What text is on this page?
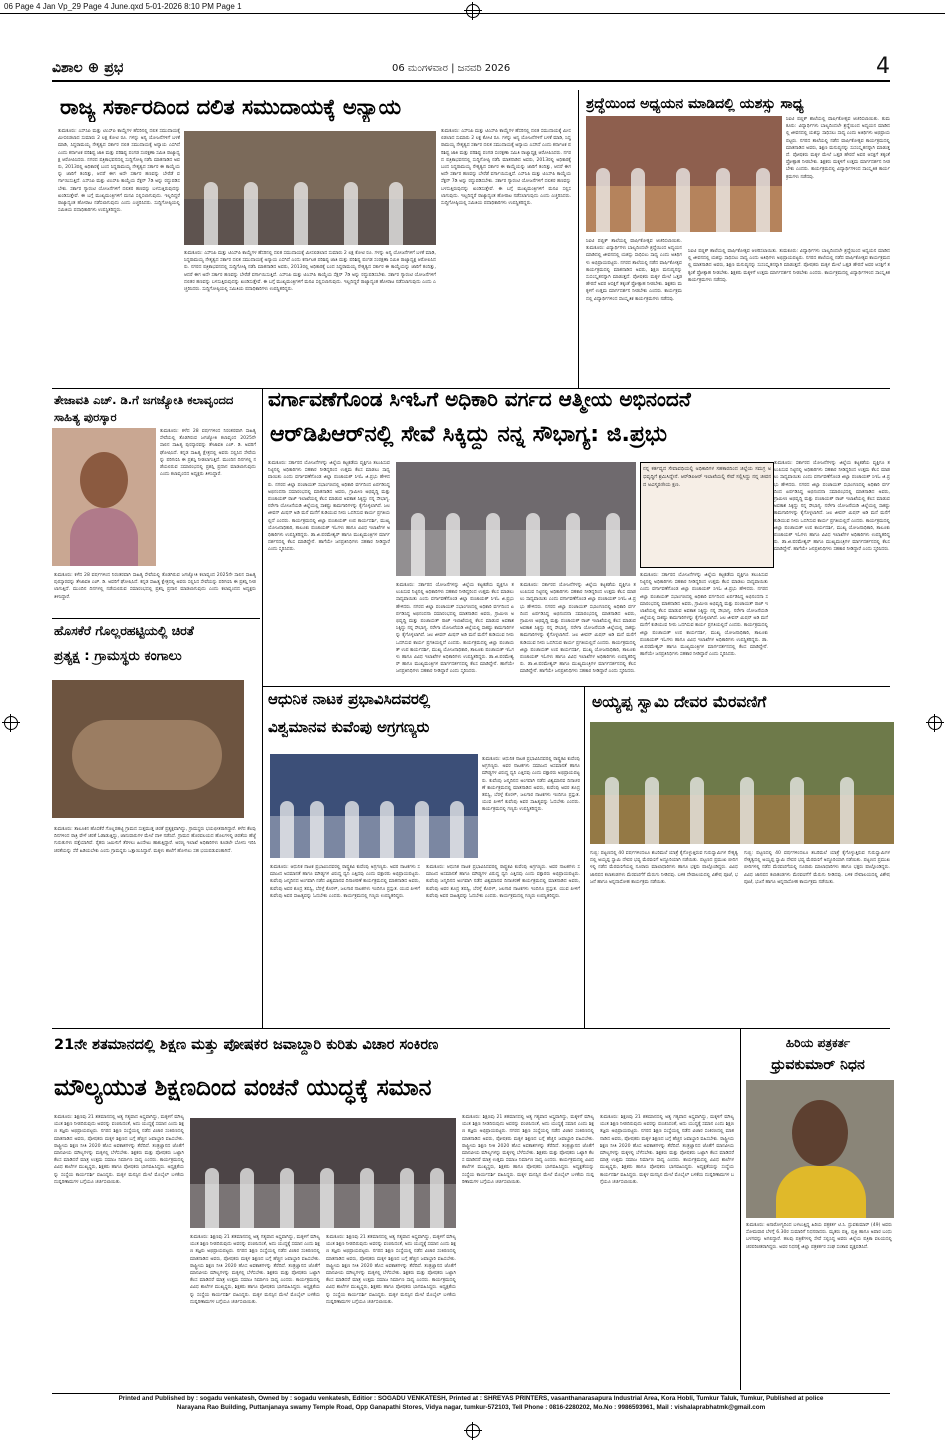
06 Page 4 Jan Vp_29 Page 4 June.qxd 5-01-2026 8:10 PM Page 1
ವಿಶಾಲ ⊕ ಪ್ರಭ	06 ಮಂಗಳವಾರ | ಜನವರಿ 2026	4
ರಾಜ್ಯ ಸರ್ಕಾರದಿಂದ ದಲಿತ ಸಮುದಾಯಕ್ಕೆ ಅನ್ಯಾಯ
ತುಮಕೂರು: ಎಸ್‌ಸಿಪಿ ಮತ್ತು ಟಿಎಸ್‌ಪಿ ಕಾಯ್ದೆಗಳ ಹೆಸರಿನಲ್ಲಿ ದಲಿತ ಸಮುದಾಯಕ್ಕೆ ಮೀಸಲಿಡಲಾದ ಸುಮಾರು 2 ಲಕ್ಷ ಕೋಟಿ ರೂ. ಗಳನ್ನು ಅನ್ಯ ಯೋಜನೆಗಳಿಗೆ ಬಳಕೆ ಮಾಡಿ, ಸಿದ್ದರಾಮಯ್ಯ ನೇತೃತ್ವದ ಸರ್ಕಾರ ದಲಿತ ಸಮುದಾಯಕ್ಕೆ ಅನ್ಯಾಯ ಎಸಗಿದೆ ಎಂದು ಕರ್ನಾಟಕ ಪರಿಶಿಷ್ಟ ಜಾತಿ ಮತ್ತು ಪರಿಶಿಷ್ಟ ಪಂಗಡ ಸಂರಕ್ಷಣಾ ಸಮಿತಿ ರಾಜ್ಯಾಧ್ಯಕ್ಷ ಆರೋಪಿಸಿದರು. ನಗರದ ಪತ್ರಿಕಾಭವನದಲ್ಲಿ ಸುದ್ದಿಗೋಷ್ಠಿ ನಡೆಸಿ ಮಾತನಾಡಿದ ಅವರು, 2013ರಲ್ಲಿ ಅಧಿಕಾರಕ್ಕೆ ಬಂದ ಸಿದ್ದರಾಮಯ್ಯ ನೇತೃತ್ವದ ಸರ್ಕಾರ ಈ ಕಾಯ್ದೆಯನ್ನು ಜಾರಿಗೆ ತಂದಿತ್ತು, ಆದರೆ ಈಗ ಅದೇ ಸರ್ಕಾರ ಹಣವನ್ನು ಬೇರೆಡೆ ವರ್ಗಾಯಿಸುತ್ತಿದೆ. ಎಸ್‌ಸಿಪಿ ಮತ್ತು ಟಿಎಸ್‌ಪಿ ಕಾಯ್ದೆಯ ಸೆಕ್ಷನ್ 7ಡಿ ಅನ್ನು ರದ್ದುಪಡಿಸಬೇಕು. ಸರ್ಕಾರ ಗ್ಯಾರಂಟಿ ಯೋಜನೆಗಳಿಗೆ ದಲಿತರ ಹಣವನ್ನು ಬಳಸುತ್ತಿರುವುದನ್ನು ಖಂಡಿಸುತ್ತೇವೆ. ಈ ಬಗ್ಗೆ ಮುಖ್ಯಮಂತ್ರಿಗಳಿಗೆ ಮನವಿ ಸಲ್ಲಿಸಲಾಗುವುದು. ಇಲ್ಲದಿದ್ದರೆ ರಾಜ್ಯಾದ್ಯಂತ ಹೋರಾಟ ನಡೆಸಲಾಗುವುದು ಎಂದು ಎಚ್ಚರಿಸಿದರು. ಸುದ್ದಿಗೋಷ್ಠಿಯಲ್ಲಿ ಸಮಿತಿಯ ಪದಾಧಿಕಾರಿಗಳು ಉಪಸ್ಥಿತರಿದ್ದರು.
ತುಮಕೂರು: ಎಸ್‌ಸಿಪಿ ಮತ್ತು ಟಿಎಸ್‌ಪಿ ಕಾಯ್ದೆಗಳ ಹೆಸರಿನಲ್ಲಿ ದಲಿತ ಸಮುದಾಯಕ್ಕೆ ಮೀಸಲಿಡಲಾದ ಸುಮಾರು 2 ಲಕ್ಷ ಕೋಟಿ ರೂ. ಗಳನ್ನು ಅನ್ಯ ಯೋಜನೆಗಳಿಗೆ ಬಳಕೆ ಮಾಡಿ, ಸಿದ್ದರಾಮಯ್ಯ ನೇತೃತ್ವದ ಸರ್ಕಾರ ದಲಿತ ಸಮುದಾಯಕ್ಕೆ ಅನ್ಯಾಯ ಎಸಗಿದೆ ಎಂದು ಕರ್ನಾಟಕ ಪರಿಶಿಷ್ಟ ಜಾತಿ ಮತ್ತು ಪರಿಶಿಷ್ಟ ಪಂಗಡ ಸಂರಕ್ಷಣಾ ಸಮಿತಿ ರಾಜ್ಯಾಧ್ಯಕ್ಷ ಆರೋಪಿಸಿದರು. ನಗರದ ಪತ್ರಿಕಾಭವನದಲ್ಲಿ ಸುದ್ದಿಗೋಷ್ಠಿ ನಡೆಸಿ ಮಾತನಾಡಿದ ಅವರು, 2013ರಲ್ಲಿ ಅಧಿಕಾರಕ್ಕೆ ಬಂದ ಸಿದ್ದರಾಮಯ್ಯ ನೇತೃತ್ವದ ಸರ್ಕಾರ ಈ ಕಾಯ್ದೆಯನ್ನು ಜಾರಿಗೆ ತಂದಿತ್ತು, ಆದರೆ ಈಗ ಅದೇ ಸರ್ಕಾರ ಹಣವನ್ನು ಬೇರೆಡೆ ವರ್ಗಾಯಿಸುತ್ತಿದೆ. ಎಸ್‌ಸಿಪಿ ಮತ್ತು ಟಿಎಸ್‌ಪಿ ಕಾಯ್ದೆಯ ಸೆಕ್ಷನ್ 7ಡಿ ಅನ್ನು ರದ್ದುಪಡಿಸಬೇಕು. ಸರ್ಕಾರ ಗ್ಯಾರಂಟಿ ಯೋಜನೆಗಳಿಗೆ ದಲಿತರ ಹಣವನ್ನು ಬಳಸುತ್ತಿರುವುದನ್ನು ಖಂಡಿಸುತ್ತೇವೆ. ಈ ಬಗ್ಗೆ ಮುಖ್ಯಮಂತ್ರಿಗಳಿಗೆ ಮನವಿ ಸಲ್ಲಿಸಲಾಗುವುದು. ಇಲ್ಲದಿದ್ದರೆ ರಾಜ್ಯಾದ್ಯಂತ ಹೋರಾಟ ನಡೆಸಲಾಗುವುದು ಎಂದು ಎಚ್ಚರಿಸಿದರು. ಸುದ್ದಿಗೋಷ್ಠಿಯಲ್ಲಿ ಸಮಿತಿಯ ಪದಾಧಿಕಾರಿಗಳು ಉಪಸ್ಥಿತರಿದ್ದರು.
ತುಮಕೂರು: ಎಸ್‌ಸಿಪಿ ಮತ್ತು ಟಿಎಸ್‌ಪಿ ಕಾಯ್ದೆಗಳ ಹೆಸರಿನಲ್ಲಿ ದಲಿತ ಸಮುದಾಯಕ್ಕೆ ಮೀಸಲಿಡಲಾದ ಸುಮಾರು 2 ಲಕ್ಷ ಕೋಟಿ ರೂ. ಗಳನ್ನು ಅನ್ಯ ಯೋಜನೆಗಳಿಗೆ ಬಳಕೆ ಮಾಡಿ, ಸಿದ್ದರಾಮಯ್ಯ ನೇತೃತ್ವದ ಸರ್ಕಾರ ದಲಿತ ಸಮುದಾಯಕ್ಕೆ ಅನ್ಯಾಯ ಎಸಗಿದೆ ಎಂದು ಕರ್ನಾಟಕ ಪರಿಶಿಷ್ಟ ಜಾತಿ ಮತ್ತು ಪರಿಶಿಷ್ಟ ಪಂಗಡ ಸಂರಕ್ಷಣಾ ಸಮಿತಿ ರಾಜ್ಯಾಧ್ಯಕ್ಷ ಆರೋಪಿಸಿದರು. ನಗರದ ಪತ್ರಿಕಾಭವನದಲ್ಲಿ ಸುದ್ದಿಗೋಷ್ಠಿ ನಡೆಸಿ ಮಾತನಾಡಿದ ಅವರು, 2013ರಲ್ಲಿ ಅಧಿಕಾರಕ್ಕೆ ಬಂದ ಸಿದ್ದರಾಮಯ್ಯ ನೇತೃತ್ವದ ಸರ್ಕಾರ ಈ ಕಾಯ್ದೆಯನ್ನು ಜಾರಿಗೆ ತಂದಿತ್ತು, ಆದರೆ ಈಗ ಅದೇ ಸರ್ಕಾರ ಹಣವನ್ನು ಬೇರೆಡೆ ವರ್ಗಾಯಿಸುತ್ತಿದೆ. ಎಸ್‌ಸಿಪಿ ಮತ್ತು ಟಿಎಸ್‌ಪಿ ಕಾಯ್ದೆಯ ಸೆಕ್ಷನ್ 7ಡಿ ಅನ್ನು ರದ್ದುಪಡಿಸಬೇಕು. ಸರ್ಕಾರ ಗ್ಯಾರಂಟಿ ಯೋಜನೆಗಳಿಗೆ ದಲಿತರ ಹಣವನ್ನು ಬಳಸುತ್ತಿರುವುದನ್ನು ಖಂಡಿಸುತ್ತೇವೆ. ಈ ಬಗ್ಗೆ ಮುಖ್ಯಮಂತ್ರಿಗಳಿಗೆ ಮನವಿ ಸಲ್ಲಿಸಲಾಗುವುದು. ಇಲ್ಲದಿದ್ದರೆ ರಾಜ್ಯಾದ್ಯಂತ ಹೋರಾಟ ನಡೆಸಲಾಗುವುದು ಎಂದು ಎಚ್ಚರಿಸಿದರು. ಸುದ್ದಿಗೋಷ್ಠಿಯಲ್ಲಿ ಸಮಿತಿಯ ಪದಾಧಿಕಾರಿಗಳು ಉಪಸ್ಥಿತರಿದ್ದರು.
ಶ್ರದ್ಧೆಯಿಂದ ಅಧ್ಯಯನ ಮಾಡಿದಲ್ಲಿ ಯಶಸ್ಸು ಸಾಧ್ಯ
ಸಿಐಟಿ ಪಬ್ಲಿಕ್ ಶಾಲೆಯಲ್ಲಿ ವಾರ್ಷಿಕೋತ್ಸವ ಆಚರಿಸಲಾಯಿತು. ತುಮಕೂರು: ವಿದ್ಯಾರ್ಥಿಗಳು ಬಾಲ್ಯದಿಂದಲೇ ಶ್ರದ್ಧೆಯಿಂದ ಅಧ್ಯಯನ ಮಾಡಿದಲ್ಲಿ ಜೀವನದಲ್ಲಿ ಯಶಸ್ಸು ಸಾಧಿಸಲು ಸಾಧ್ಯ ಎಂದು ಅತಿಥಿಗಳು ಅಭಿಪ್ರಾಯಪಟ್ಟರು. ನಗರದ ಶಾಲೆಯಲ್ಲಿ ನಡೆದ ವಾರ್ಷಿಕೋತ್ಸವ ಕಾರ್ಯಕ್ರಮದಲ್ಲಿ ಮಾತನಾಡಿದ ಅವರು, ಶಿಕ್ಷಣ ಮನುಷ್ಯನನ್ನು ಸುಸಂಸ್ಕೃತನನ್ನಾಗಿ ಮಾಡುತ್ತದೆ. ಪೋಷಕರು ಮಕ್ಕಳ ಮೇಲೆ ಒತ್ತಡ ಹೇರದೆ ಅವರ ಆಸಕ್ತಿಗೆ ತಕ್ಕಂತೆ ಪ್ರೋತ್ಸಾಹ ನೀಡಬೇಕು. ಶಿಕ್ಷಕರು ಮಕ್ಕಳಿಗೆ ಉತ್ತಮ ಮಾರ್ಗದರ್ಶನ ನೀಡಬೇಕು ಎಂದರು. ಕಾರ್ಯಕ್ರಮದಲ್ಲಿ ವಿದ್ಯಾರ್ಥಿಗಳಿಂದ ಸಾಂಸ್ಕೃತಿಕ ಕಾರ್ಯಕ್ರಮಗಳು ನಡೆದವು.
ಸಿಐಟಿ ಪಬ್ಲಿಕ್ ಶಾಲೆಯಲ್ಲಿ ವಾರ್ಷಿಕೋತ್ಸವ ಆಚರಿಸಲಾಯಿತು. ತುಮಕೂರು: ವಿದ್ಯಾರ್ಥಿಗಳು ಬಾಲ್ಯದಿಂದಲೇ ಶ್ರದ್ಧೆಯಿಂದ ಅಧ್ಯಯನ ಮಾಡಿದಲ್ಲಿ ಜೀವನದಲ್ಲಿ ಯಶಸ್ಸು ಸಾಧಿಸಲು ಸಾಧ್ಯ ಎಂದು ಅತಿಥಿಗಳು ಅಭಿಪ್ರಾಯಪಟ್ಟರು. ನಗರದ ಶಾಲೆಯಲ್ಲಿ ನಡೆದ ವಾರ್ಷಿಕೋತ್ಸವ ಕಾರ್ಯಕ್ರಮದಲ್ಲಿ ಮಾತನಾಡಿದ ಅವರು, ಶಿಕ್ಷಣ ಮನುಷ್ಯನನ್ನು ಸುಸಂಸ್ಕೃತನನ್ನಾಗಿ ಮಾಡುತ್ತದೆ. ಪೋಷಕರು ಮಕ್ಕಳ ಮೇಲೆ ಒತ್ತಡ ಹೇರದೆ ಅವರ ಆಸಕ್ತಿಗೆ ತಕ್ಕಂತೆ ಪ್ರೋತ್ಸಾಹ ನೀಡಬೇಕು. ಶಿಕ್ಷಕರು ಮಕ್ಕಳಿಗೆ ಉತ್ತಮ ಮಾರ್ಗದರ್ಶನ ನೀಡಬೇಕು ಎಂದರು. ಕಾರ್ಯಕ್ರಮದಲ್ಲಿ ವಿದ್ಯಾರ್ಥಿಗಳಿಂದ ಸಾಂಸ್ಕೃತಿಕ ಕಾರ್ಯಕ್ರಮಗಳು ನಡೆದವು.
ಸಿಐಟಿ ಪಬ್ಲಿಕ್ ಶಾಲೆಯಲ್ಲಿ ವಾರ್ಷಿಕೋತ್ಸವ ಆಚರಿಸಲಾಯಿತು. ತುಮಕೂರು: ವಿದ್ಯಾರ್ಥಿಗಳು ಬಾಲ್ಯದಿಂದಲೇ ಶ್ರದ್ಧೆಯಿಂದ ಅಧ್ಯಯನ ಮಾಡಿದಲ್ಲಿ ಜೀವನದಲ್ಲಿ ಯಶಸ್ಸು ಸಾಧಿಸಲು ಸಾಧ್ಯ ಎಂದು ಅತಿಥಿಗಳು ಅಭಿಪ್ರಾಯಪಟ್ಟರು. ನಗರದ ಶಾಲೆಯಲ್ಲಿ ನಡೆದ ವಾರ್ಷಿಕೋತ್ಸವ ಕಾರ್ಯಕ್ರಮದಲ್ಲಿ ಮಾತನಾಡಿದ ಅವರು, ಶಿಕ್ಷಣ ಮನುಷ್ಯನನ್ನು ಸುಸಂಸ್ಕೃತನನ್ನಾಗಿ ಮಾಡುತ್ತದೆ. ಪೋಷಕರು ಮಕ್ಕಳ ಮೇಲೆ ಒತ್ತಡ ಹೇರದೆ ಅವರ ಆಸಕ್ತಿಗೆ ತಕ್ಕಂತೆ ಪ್ರೋತ್ಸಾಹ ನೀಡಬೇಕು. ಶಿಕ್ಷಕರು ಮಕ್ಕಳಿಗೆ ಉತ್ತಮ ಮಾರ್ಗದರ್ಶನ ನೀಡಬೇಕು ಎಂದರು. ಕಾರ್ಯಕ್ರಮದಲ್ಲಿ ವಿದ್ಯಾರ್ಥಿಗಳಿಂದ ಸಾಂಸ್ಕೃತಿಕ ಕಾರ್ಯಕ್ರಮಗಳು ನಡೆದವು.
ತೇಜಾವತಿ ಎಚ್. ಡಿ.ಗೆ ಜಗಜ್ಯೋತಿ ಕಲಾವೃಂದದ ಸಾಹಿತ್ಯ ಪುರಸ್ಕಾರ
ತುಮಕೂರು: ಕಳೆದ 28 ವರ್ಷಗಳಿಂದ ನಿರಂತರವಾಗಿ ಸಾಹಿತ್ಯ ಸೇವೆಯಲ್ಲಿ ತೊಡಗಿರುವ ಜಗಜ್ಯೋತಿ ಕಲಾವೃಂದ 2025ನೇ ಸಾಲಿನ ಸಾಹಿತ್ಯ ಪುರಸ್ಕಾರವನ್ನು ತೇಜಾವತಿ ಎಚ್. ಡಿ. ಅವರಿಗೆ ಘೋಷಿಸಿದೆ. ಕನ್ನಡ ಸಾಹಿತ್ಯ ಕ್ಷೇತ್ರದಲ್ಲಿ ಅವರು ಸಲ್ಲಿಸಿದ ಸೇವೆಯನ್ನು ಪರಿಗಣಿಸಿ ಈ ಪ್ರಶಸ್ತಿ ನೀಡಲಾಗುತ್ತಿದೆ. ಮುಂದಿನ ದಿನಗಳಲ್ಲಿ ನಡೆಯಲಿರುವ ಸಮಾರಂಭದಲ್ಲಿ ಪ್ರಶಸ್ತಿ ಪ್ರದಾನ ಮಾಡಲಾಗುವುದು ಎಂದು ಕಲಾವೃಂದದ ಅಧ್ಯಕ್ಷರು ತಿಳಿಸಿದ್ದಾರೆ.
ತುಮಕೂರು: ಕಳೆದ 28 ವರ್ಷಗಳಿಂದ ನಿರಂತರವಾಗಿ ಸಾಹಿತ್ಯ ಸೇವೆಯಲ್ಲಿ ತೊಡಗಿರುವ ಜಗಜ್ಯೋತಿ ಕಲಾವೃಂದ 2025ನೇ ಸಾಲಿನ ಸಾಹಿತ್ಯ ಪುರಸ್ಕಾರವನ್ನು ತೇಜಾವತಿ ಎಚ್. ಡಿ. ಅವರಿಗೆ ಘೋಷಿಸಿದೆ. ಕನ್ನಡ ಸಾಹಿತ್ಯ ಕ್ಷೇತ್ರದಲ್ಲಿ ಅವರು ಸಲ್ಲಿಸಿದ ಸೇವೆಯನ್ನು ಪರಿಗಣಿಸಿ ಈ ಪ್ರಶಸ್ತಿ ನೀಡಲಾಗುತ್ತಿದೆ. ಮುಂದಿನ ದಿನಗಳಲ್ಲಿ ನಡೆಯಲಿರುವ ಸಮಾರಂಭದಲ್ಲಿ ಪ್ರಶಸ್ತಿ ಪ್ರದಾನ ಮಾಡಲಾಗುವುದು ಎಂದು ಕಲಾವೃಂದದ ಅಧ್ಯಕ್ಷರು ತಿಳಿಸಿದ್ದಾರೆ.
ಹೊಸಕೆರೆ ಗೊಲ್ಲರಹಟ್ಟಿಯಲ್ಲಿ ಚಿರತೆ
ಪ್ರತ್ಯಕ್ಷ : ಗ್ರಾಮಸ್ಥರು ಕಂಗಾಲು
ತುಮಕೂರು: ತಾಲೂಕಿನ ಹೊಸಕೆರೆ ಗೊಲ್ಲರಹಟ್ಟಿ ಗ್ರಾಮದ ಸುತ್ತಮುತ್ತ ಚಿರತೆ ಪ್ರತ್ಯಕ್ಷವಾಗಿದ್ದು, ಗ್ರಾಮಸ್ಥರು ಭಯಭೀತರಾಗಿದ್ದಾರೆ. ಕಳೆದ ಕೆಲವು ದಿನಗಳಿಂದ ರಾತ್ರಿ ವೇಳೆ ಚಿರತೆ ಓಡಾಡುತ್ತಿದ್ದು, ಜಾನುವಾರುಗಳ ಮೇಲೆ ದಾಳಿ ನಡೆಸಿದೆ. ಗ್ರಾಮದ ಹೊರವಲಯದ ಹೊಲಗಳಲ್ಲಿ ಚಿರತೆಯ ಹೆಜ್ಜೆ ಗುರುತುಗಳು ಪತ್ತೆಯಾಗಿವೆ. ರೈತರು ಜಮೀನಿಗೆ ತೆರಳಲು ಹಿಂದೇಟು ಹಾಕುತ್ತಿದ್ದಾರೆ. ಅರಣ್ಯ ಇಲಾಖೆ ಅಧಿಕಾರಿಗಳು ಕೂಡಲೇ ಬೋನು ಇರಿಸಿ ಚಿರತೆಯನ್ನು ಸೆರೆ ಹಿಡಿಯಬೇಕು ಎಂದು ಗ್ರಾಮಸ್ಥರು ಒತ್ತಾಯಿಸಿದ್ದಾರೆ. ಮಕ್ಕಳು ಶಾಲೆಗೆ ಹೋಗಲು ಸಹ ಭಯಪಡುವಂತಾಗಿದೆ.
ವರ್ಗಾವಣೆಗೊಂಡ ಸಿಇಓಗೆ ಅಧಿಕಾರಿ ವರ್ಗದ ಆತ್ಮೀಯ ಅಭಿನಂದನೆ
ಆರ್‌ಡಿಪಿಆರ್‌ನಲ್ಲಿ ಸೇವೆ ಸಿಕ್ಕಿದ್ದು ನನ್ನ ಸೌಭಾಗ್ಯ: ಜಿ.ಪ್ರಭು
ತುಮಕೂರು: ಸರ್ಕಾರದ ಯೋಜನೆಗಳನ್ನು ಜಿಲ್ಲೆಯ ಕಟ್ಟಕಡೆಯ ವ್ಯಕ್ತಿಗೂ ತಲುಪಿಸುವ ನಿಟ್ಟಿನಲ್ಲಿ ಅಧಿಕಾರಿಗಳು ಸಹಕಾರ ನೀಡಿದ್ದರಿಂದ ಉತ್ತಮ ಕೆಲಸ ಮಾಡಲು ಸಾಧ್ಯವಾಯಿತು ಎಂದು ವರ್ಗಾವಣೆಗೊಂಡ ಜಿಲ್ಲಾ ಪಂಚಾಯತ್ ಸಿಇಓ ಜಿ.ಪ್ರಭು ಹೇಳಿದರು. ನಗರದ ಜಿಲ್ಲಾ ಪಂಚಾಯತ್ ಸಭಾಂಗಣದಲ್ಲಿ ಅಧಿಕಾರಿ ವರ್ಗದಿಂದ ಏರ್ಪಡಿಸಿದ್ದ ಅಭಿನಂದನಾ ಸಮಾರಂಭದಲ್ಲಿ ಮಾತನಾಡಿದ ಅವರು, ಗ್ರಾಮೀಣ ಅಭಿವೃದ್ಧಿ ಮತ್ತು ಪಂಚಾಯತ್ ರಾಜ್ ಇಲಾಖೆಯಲ್ಲಿ ಕೆಲಸ ಮಾಡುವ ಅವಕಾಶ ಸಿಕ್ಕಿದ್ದು ನನ್ನ ಸೌಭಾಗ್ಯ. ನರೇಗಾ ಯೋಜನೆಯಡಿ ಜಿಲ್ಲೆಯಲ್ಲಿ ಸಾಕಷ್ಟು ಕಾಮಗಾರಿಗಳನ್ನು ಕೈಗೊಳ್ಳಲಾಗಿದೆ. ಜಲ ಜೀವನ್ ಮಿಷನ್ ಅಡಿ ಮನೆ ಮನೆಗೆ ಕುಡಿಯುವ ನೀರು ಒದಗಿಸುವ ಕಾರ್ಯ ಪ್ರಗತಿಯಲ್ಲಿದೆ ಎಂದರು. ಕಾರ್ಯಕ್ರಮದಲ್ಲಿ ಜಿಲ್ಲಾ ಪಂಚಾಯತ್ ಉಪ ಕಾರ್ಯದರ್ಶಿ, ಮುಖ್ಯ ಯೋಜನಾಧಿಕಾರಿ, ತಾಲೂಕು ಪಂಚಾಯತ್ ಇಓಗಳು ಹಾಗೂ ವಿವಿಧ ಇಲಾಖೆಗಳ ಅಧಿಕಾರಿಗಳು ಉಪಸ್ಥಿತರಿದ್ದರು. ಡಾ.ಜಿ.ಪರಮೇಶ್ವರ್ ಹಾಗೂ ಮುಖ್ಯಮಂತ್ರಿಗಳ ಮಾರ್ಗದರ್ಶನದಲ್ಲಿ ಕೆಲಸ ಮಾಡಿದ್ದೇನೆ. ಹಾಗೆಯೇ ಜನಪ್ರತಿನಿಧಿಗಳು ಸಹಕಾರ ನೀಡಿದ್ದಾರೆ ಎಂದು ಸ್ಮರಿಸಿದರು.
ನನ್ನ ಕರ್ತವ್ಯದ ಸೇವಾವಧಿಯಲ್ಲಿ ಅಧಿಕಾರಿಗಳ ಸಹಕಾರದಿಂದ ಜಿಲ್ಲೆಯ ಸಮಗ್ರ ಅಭಿವೃದ್ಧಿಗೆ ಶ್ರಮಿಸಿದ್ದೇನೆ. ಆರ್‌ಡಿಪಿಆರ್ ಇಲಾಖೆಯಲ್ಲಿ ಸೇವೆ ಸಲ್ಲಿಸಿದ್ದು ನನ್ನ ಜೀವನದ ಅವಿಸ್ಮರಣೀಯ ಕ್ಷಣ.
ತುಮಕೂರು: ಸರ್ಕಾರದ ಯೋಜನೆಗಳನ್ನು ಜಿಲ್ಲೆಯ ಕಟ್ಟಕಡೆಯ ವ್ಯಕ್ತಿಗೂ ತಲುಪಿಸುವ ನಿಟ್ಟಿನಲ್ಲಿ ಅಧಿಕಾರಿಗಳು ಸಹಕಾರ ನೀಡಿದ್ದರಿಂದ ಉತ್ತಮ ಕೆಲಸ ಮಾಡಲು ಸಾಧ್ಯವಾಯಿತು ಎಂದು ವರ್ಗಾವಣೆಗೊಂಡ ಜಿಲ್ಲಾ ಪಂಚಾಯತ್ ಸಿಇಓ ಜಿ.ಪ್ರಭು ಹೇಳಿದರು. ನಗರದ ಜಿಲ್ಲಾ ಪಂಚಾಯತ್ ಸಭಾಂಗಣದಲ್ಲಿ ಅಧಿಕಾರಿ ವರ್ಗದಿಂದ ಏರ್ಪಡಿಸಿದ್ದ ಅಭಿನಂದನಾ ಸಮಾರಂಭದಲ್ಲಿ ಮಾತನಾಡಿದ ಅವರು, ಗ್ರಾಮೀಣ ಅಭಿವೃದ್ಧಿ ಮತ್ತು ಪಂಚಾಯತ್ ರಾಜ್ ಇಲಾಖೆಯಲ್ಲಿ ಕೆಲಸ ಮಾಡುವ ಅವಕಾಶ ಸಿಕ್ಕಿದ್ದು ನನ್ನ ಸೌಭಾಗ್ಯ. ನರೇಗಾ ಯೋಜನೆಯಡಿ ಜಿಲ್ಲೆಯಲ್ಲಿ ಸಾಕಷ್ಟು ಕಾಮಗಾರಿಗಳನ್ನು ಕೈಗೊಳ್ಳಲಾಗಿದೆ. ಜಲ ಜೀವನ್ ಮಿಷನ್ ಅಡಿ ಮನೆ ಮನೆಗೆ ಕುಡಿಯುವ ನೀರು ಒದಗಿಸುವ ಕಾರ್ಯ ಪ್ರಗತಿಯಲ್ಲಿದೆ ಎಂದರು. ಕಾರ್ಯಕ್ರಮದಲ್ಲಿ ಜಿಲ್ಲಾ ಪಂಚಾಯತ್ ಉಪ ಕಾರ್ಯದರ್ಶಿ, ಮುಖ್ಯ ಯೋಜನಾಧಿಕಾರಿ, ತಾಲೂಕು ಪಂಚಾಯತ್ ಇಓಗಳು ಹಾಗೂ ವಿವಿಧ ಇಲಾಖೆಗಳ ಅಧಿಕಾರಿಗಳು ಉಪಸ್ಥಿತರಿದ್ದರು. ಡಾ.ಜಿ.ಪರಮೇಶ್ವರ್ ಹಾಗೂ ಮುಖ್ಯಮಂತ್ರಿಗಳ ಮಾರ್ಗದರ್ಶನದಲ್ಲಿ ಕೆಲಸ ಮಾಡಿದ್ದೇನೆ. ಹಾಗೆಯೇ ಜನಪ್ರತಿನಿಧಿಗಳು ಸಹಕಾರ ನೀಡಿದ್ದಾರೆ ಎಂದು ಸ್ಮರಿಸಿದರು.
ತುಮಕೂರು: ಸರ್ಕಾರದ ಯೋಜನೆಗಳನ್ನು ಜಿಲ್ಲೆಯ ಕಟ್ಟಕಡೆಯ ವ್ಯಕ್ತಿಗೂ ತಲುಪಿಸುವ ನಿಟ್ಟಿನಲ್ಲಿ ಅಧಿಕಾರಿಗಳು ಸಹಕಾರ ನೀಡಿದ್ದರಿಂದ ಉತ್ತಮ ಕೆಲಸ ಮಾಡಲು ಸಾಧ್ಯವಾಯಿತು ಎಂದು ವರ್ಗಾವಣೆಗೊಂಡ ಜಿಲ್ಲಾ ಪಂಚಾಯತ್ ಸಿಇಓ ಜಿ.ಪ್ರಭು ಹೇಳಿದರು. ನಗರದ ಜಿಲ್ಲಾ ಪಂಚಾಯತ್ ಸಭಾಂಗಣದಲ್ಲಿ ಅಧಿಕಾರಿ ವರ್ಗದಿಂದ ಏರ್ಪಡಿಸಿದ್ದ ಅಭಿನಂದನಾ ಸಮಾರಂಭದಲ್ಲಿ ಮಾತನಾಡಿದ ಅವರು, ಗ್ರಾಮೀಣ ಅಭಿವೃದ್ಧಿ ಮತ್ತು ಪಂಚಾಯತ್ ರಾಜ್ ಇಲಾಖೆಯಲ್ಲಿ ಕೆಲಸ ಮಾಡುವ ಅವಕಾಶ ಸಿಕ್ಕಿದ್ದು ನನ್ನ ಸೌಭಾಗ್ಯ. ನರೇಗಾ ಯೋಜನೆಯಡಿ ಜಿಲ್ಲೆಯಲ್ಲಿ ಸಾಕಷ್ಟು ಕಾಮಗಾರಿಗಳನ್ನು ಕೈಗೊಳ್ಳಲಾಗಿದೆ. ಜಲ ಜೀವನ್ ಮಿಷನ್ ಅಡಿ ಮನೆ ಮನೆಗೆ ಕುಡಿಯುವ ನೀರು ಒದಗಿಸುವ ಕಾರ್ಯ ಪ್ರಗತಿಯಲ್ಲಿದೆ ಎಂದರು. ಕಾರ್ಯಕ್ರಮದಲ್ಲಿ ಜಿಲ್ಲಾ ಪಂಚಾಯತ್ ಉಪ ಕಾರ್ಯದರ್ಶಿ, ಮುಖ್ಯ ಯೋಜನಾಧಿಕಾರಿ, ತಾಲೂಕು ಪಂಚಾಯತ್ ಇಓಗಳು ಹಾಗೂ ವಿವಿಧ ಇಲಾಖೆಗಳ ಅಧಿಕಾರಿಗಳು ಉಪಸ್ಥಿತರಿದ್ದರು. ಡಾ.ಜಿ.ಪರಮೇಶ್ವರ್ ಹಾಗೂ ಮುಖ್ಯಮಂತ್ರಿಗಳ ಮಾರ್ಗದರ್ಶನದಲ್ಲಿ ಕೆಲಸ ಮಾಡಿದ್ದೇನೆ. ಹಾಗೆಯೇ ಜನಪ್ರತಿನಿಧಿಗಳು ಸಹಕಾರ ನೀಡಿದ್ದಾರೆ ಎಂದು ಸ್ಮರಿಸಿದರು.
ತುಮಕೂರು: ಸರ್ಕಾರದ ಯೋಜನೆಗಳನ್ನು ಜಿಲ್ಲೆಯ ಕಟ್ಟಕಡೆಯ ವ್ಯಕ್ತಿಗೂ ತಲುಪಿಸುವ ನಿಟ್ಟಿನಲ್ಲಿ ಅಧಿಕಾರಿಗಳು ಸಹಕಾರ ನೀಡಿದ್ದರಿಂದ ಉತ್ತಮ ಕೆಲಸ ಮಾಡಲು ಸಾಧ್ಯವಾಯಿತು ಎಂದು ವರ್ಗಾವಣೆಗೊಂಡ ಜಿಲ್ಲಾ ಪಂಚಾಯತ್ ಸಿಇಓ ಜಿ.ಪ್ರಭು ಹೇಳಿದರು. ನಗರದ ಜಿಲ್ಲಾ ಪಂಚಾಯತ್ ಸಭಾಂಗಣದಲ್ಲಿ ಅಧಿಕಾರಿ ವರ್ಗದಿಂದ ಏರ್ಪಡಿಸಿದ್ದ ಅಭಿನಂದನಾ ಸಮಾರಂಭದಲ್ಲಿ ಮಾತನಾಡಿದ ಅವರು, ಗ್ರಾಮೀಣ ಅಭಿವೃದ್ಧಿ ಮತ್ತು ಪಂಚಾಯತ್ ರಾಜ್ ಇಲಾಖೆಯಲ್ಲಿ ಕೆಲಸ ಮಾಡುವ ಅವಕಾಶ ಸಿಕ್ಕಿದ್ದು ನನ್ನ ಸೌಭಾಗ್ಯ. ನರೇಗಾ ಯೋಜನೆಯಡಿ ಜಿಲ್ಲೆಯಲ್ಲಿ ಸಾಕಷ್ಟು ಕಾಮಗಾರಿಗಳನ್ನು ಕೈಗೊಳ್ಳಲಾಗಿದೆ. ಜಲ ಜೀವನ್ ಮಿಷನ್ ಅಡಿ ಮನೆ ಮನೆಗೆ ಕುಡಿಯುವ ನೀರು ಒದಗಿಸುವ ಕಾರ್ಯ ಪ್ರಗತಿಯಲ್ಲಿದೆ ಎಂದರು. ಕಾರ್ಯಕ್ರಮದಲ್ಲಿ ಜಿಲ್ಲಾ ಪಂಚಾಯತ್ ಉಪ ಕಾರ್ಯದರ್ಶಿ, ಮುಖ್ಯ ಯೋಜನಾಧಿಕಾರಿ, ತಾಲೂಕು ಪಂಚಾಯತ್ ಇಓಗಳು ಹಾಗೂ ವಿವಿಧ ಇಲಾಖೆಗಳ ಅಧಿಕಾರಿಗಳು ಉಪಸ್ಥಿತರಿದ್ದರು. ಡಾ.ಜಿ.ಪರಮೇಶ್ವರ್ ಹಾಗೂ ಮುಖ್ಯಮಂತ್ರಿಗಳ ಮಾರ್ಗದರ್ಶನದಲ್ಲಿ ಕೆಲಸ ಮಾಡಿದ್ದೇನೆ. ಹಾಗೆಯೇ ಜನಪ್ರತಿನಿಧಿಗಳು ಸಹಕಾರ ನೀಡಿದ್ದಾರೆ ಎಂದು ಸ್ಮರಿಸಿದರು.
ತುಮಕೂರು: ಸರ್ಕಾರದ ಯೋಜನೆಗಳನ್ನು ಜಿಲ್ಲೆಯ ಕಟ್ಟಕಡೆಯ ವ್ಯಕ್ತಿಗೂ ತಲುಪಿಸುವ ನಿಟ್ಟಿನಲ್ಲಿ ಅಧಿಕಾರಿಗಳು ಸಹಕಾರ ನೀಡಿದ್ದರಿಂದ ಉತ್ತಮ ಕೆಲಸ ಮಾಡಲು ಸಾಧ್ಯವಾಯಿತು ಎಂದು ವರ್ಗಾವಣೆಗೊಂಡ ಜಿಲ್ಲಾ ಪಂಚಾಯತ್ ಸಿಇಓ ಜಿ.ಪ್ರಭು ಹೇಳಿದರು. ನಗರದ ಜಿಲ್ಲಾ ಪಂಚಾಯತ್ ಸಭಾಂಗಣದಲ್ಲಿ ಅಧಿಕಾರಿ ವರ್ಗದಿಂದ ಏರ್ಪಡಿಸಿದ್ದ ಅಭಿನಂದನಾ ಸಮಾರಂಭದಲ್ಲಿ ಮಾತನಾಡಿದ ಅವರು, ಗ್ರಾಮೀಣ ಅಭಿವೃದ್ಧಿ ಮತ್ತು ಪಂಚಾಯತ್ ರಾಜ್ ಇಲಾಖೆಯಲ್ಲಿ ಕೆಲಸ ಮಾಡುವ ಅವಕಾಶ ಸಿಕ್ಕಿದ್ದು ನನ್ನ ಸೌಭಾಗ್ಯ. ನರೇಗಾ ಯೋಜನೆಯಡಿ ಜಿಲ್ಲೆಯಲ್ಲಿ ಸಾಕಷ್ಟು ಕಾಮಗಾರಿಗಳನ್ನು ಕೈಗೊಳ್ಳಲಾಗಿದೆ. ಜಲ ಜೀವನ್ ಮಿಷನ್ ಅಡಿ ಮನೆ ಮನೆಗೆ ಕುಡಿಯುವ ನೀರು ಒದಗಿಸುವ ಕಾರ್ಯ ಪ್ರಗತಿಯಲ್ಲಿದೆ ಎಂದರು. ಕಾರ್ಯಕ್ರಮದಲ್ಲಿ ಜಿಲ್ಲಾ ಪಂಚಾಯತ್ ಉಪ ಕಾರ್ಯದರ್ಶಿ, ಮುಖ್ಯ ಯೋಜನಾಧಿಕಾರಿ, ತಾಲೂಕು ಪಂಚಾಯತ್ ಇಓಗಳು ಹಾಗೂ ವಿವಿಧ ಇಲಾಖೆಗಳ ಅಧಿಕಾರಿಗಳು ಉಪಸ್ಥಿತರಿದ್ದರು. ಡಾ.ಜಿ.ಪರಮೇಶ್ವರ್ ಹಾಗೂ ಮುಖ್ಯಮಂತ್ರಿಗಳ ಮಾರ್ಗದರ್ಶನದಲ್ಲಿ ಕೆಲಸ ಮಾಡಿದ್ದೇನೆ. ಹಾಗೆಯೇ ಜನಪ್ರತಿನಿಧಿಗಳು ಸಹಕಾರ ನೀಡಿದ್ದಾರೆ ಎಂದು ಸ್ಮರಿಸಿದರು.
ಆಧುನಿಕ ನಾಟಕ ಪ್ರಭಾವಿಸಿದವರಲ್ಲಿ
ವಿಶ್ವಮಾನವ ಕುವೆಂಪು ಅಗ್ರಗಣ್ಯರು
ತುಮಕೂರು: ಆಧುನಿಕ ನಾಟಕ ಪ್ರಭಾವಿಸಿದವರಲ್ಲಿ ರಾಷ್ಟ್ರಕವಿ ಕುವೆಂಪು ಅಗ್ರಗಣ್ಯರು. ಅವರ ನಾಟಕಗಳು ಸಮಾಜದ ಅಸಮಾನತೆ ಹಾಗೂ ಮೌಢ್ಯಗಳ ವಿರುದ್ಧ ಧ್ವನಿ ಎತ್ತಿದವು ಎಂದು ವಕ್ತಾರರು ಅಭಿಪ್ರಾಯಪಟ್ಟರು. ಕುವೆಂಪು ಜನ್ಮದಿನದ ಅಂಗವಾಗಿ ನಡೆದ ವಿಶ್ವಮಾನವ ದಿನಾಚರಣೆ ಕಾರ್ಯಕ್ರಮದಲ್ಲಿ ಮಾತನಾಡಿದ ಅವರು, ಕುವೆಂಪು ಅವರ ಶೂದ್ರ ತಪಸ್ವಿ, ಬೆರಳ್ಗೆ ಕೊರಳ್, ಜಲಗಾರ ನಾಟಕಗಳು ಇಂದಿಗೂ ಪ್ರಸ್ತುತ. ಯುವ ಪೀಳಿಗೆ ಕುವೆಂಪು ಅವರ ಸಾಹಿತ್ಯವನ್ನು ಓದಬೇಕು ಎಂದರು. ಕಾರ್ಯಕ್ರಮದಲ್ಲಿ ಗಣ್ಯರು ಉಪಸ್ಥಿತರಿದ್ದರು.
ತುಮಕೂರು: ಆಧುನಿಕ ನಾಟಕ ಪ್ರಭಾವಿಸಿದವರಲ್ಲಿ ರಾಷ್ಟ್ರಕವಿ ಕುವೆಂಪು ಅಗ್ರಗಣ್ಯರು. ಅವರ ನಾಟಕಗಳು ಸಮಾಜದ ಅಸಮಾನತೆ ಹಾಗೂ ಮೌಢ್ಯಗಳ ವಿರುದ್ಧ ಧ್ವನಿ ಎತ್ತಿದವು ಎಂದು ವಕ್ತಾರರು ಅಭಿಪ್ರಾಯಪಟ್ಟರು. ಕುವೆಂಪು ಜನ್ಮದಿನದ ಅಂಗವಾಗಿ ನಡೆದ ವಿಶ್ವಮಾನವ ದಿನಾಚರಣೆ ಕಾರ್ಯಕ್ರಮದಲ್ಲಿ ಮಾತನಾಡಿದ ಅವರು, ಕುವೆಂಪು ಅವರ ಶೂದ್ರ ತಪಸ್ವಿ, ಬೆರಳ್ಗೆ ಕೊರಳ್, ಜಲಗಾರ ನಾಟಕಗಳು ಇಂದಿಗೂ ಪ್ರಸ್ತುತ. ಯುವ ಪೀಳಿಗೆ ಕುವೆಂಪು ಅವರ ಸಾಹಿತ್ಯವನ್ನು ಓದಬೇಕು ಎಂದರು. ಕಾರ್ಯಕ್ರಮದಲ್ಲಿ ಗಣ್ಯರು ಉಪಸ್ಥಿತರಿದ್ದರು.
ತುಮಕೂರು: ಆಧುನಿಕ ನಾಟಕ ಪ್ರಭಾವಿಸಿದವರಲ್ಲಿ ರಾಷ್ಟ್ರಕವಿ ಕುವೆಂಪು ಅಗ್ರಗಣ್ಯರು. ಅವರ ನಾಟಕಗಳು ಸಮಾಜದ ಅಸಮಾನತೆ ಹಾಗೂ ಮೌಢ್ಯಗಳ ವಿರುದ್ಧ ಧ್ವನಿ ಎತ್ತಿದವು ಎಂದು ವಕ್ತಾರರು ಅಭಿಪ್ರಾಯಪಟ್ಟರು. ಕುವೆಂಪು ಜನ್ಮದಿನದ ಅಂಗವಾಗಿ ನಡೆದ ವಿಶ್ವಮಾನವ ದಿನಾಚರಣೆ ಕಾರ್ಯಕ್ರಮದಲ್ಲಿ ಮಾತನಾಡಿದ ಅವರು, ಕುವೆಂಪು ಅವರ ಶೂದ್ರ ತಪಸ್ವಿ, ಬೆರಳ್ಗೆ ಕೊರಳ್, ಜಲಗಾರ ನಾಟಕಗಳು ಇಂದಿಗೂ ಪ್ರಸ್ತುತ. ಯುವ ಪೀಳಿಗೆ ಕುವೆಂಪು ಅವರ ಸಾಹಿತ್ಯವನ್ನು ಓದಬೇಕು ಎಂದರು. ಕಾರ್ಯಕ್ರಮದಲ್ಲಿ ಗಣ್ಯರು ಉಪಸ್ಥಿತರಿದ್ದರು.
ಅಯ್ಯಪ್ಪ ಸ್ವಾಮಿ ದೇವರ ಮೆರವಣಿಗೆ
ಗುಬ್ಬಿ: ಪಟ್ಟಣದಲ್ಲಿ 40 ವರ್ಷಗಳಿಂದಲೂ ಶಬರಿಮಲೆ ಯಾತ್ರೆ ಕೈಗೊಳ್ಳುತ್ತಿರುವ ಗುರುಸ್ವಾಮಿಗಳ ನೇತೃತ್ವದಲ್ಲಿ ಅಯ್ಯಪ್ಪ ಸ್ವಾಮಿ ದೇವರ ಭವ್ಯ ಮೆರವಣಿಗೆ ಅದ್ದೂರಿಯಾಗಿ ನಡೆಯಿತು. ಪಟ್ಟಣದ ಪ್ರಮುಖ ಬೀದಿಗಳಲ್ಲಿ ನಡೆದ ಮೆರವಣಿಗೆಯಲ್ಲಿ ನೂರಾರು ಮಾಲಾಧಾರಿಗಳು ಹಾಗೂ ಭಕ್ತರು ಪಾಲ್ಗೊಂಡಿದ್ದರು. ವಿವಿಧ ಜಾನಪದ ಕಲಾತಂಡಗಳು ಮೆರವಣಿಗೆಗೆ ಮೆರುಗು ನೀಡಿದವು. ಬಳಿಕ ದೇವಾಲಯದಲ್ಲಿ ವಿಶೇಷ ಪೂಜೆ, ಭಜನೆ ಹಾಗೂ ಅನ್ನದಾಸೋಹ ಕಾರ್ಯಕ್ರಮ ನಡೆಯಿತು.
ಗುಬ್ಬಿ: ಪಟ್ಟಣದಲ್ಲಿ 40 ವರ್ಷಗಳಿಂದಲೂ ಶಬರಿಮಲೆ ಯಾತ್ರೆ ಕೈಗೊಳ್ಳುತ್ತಿರುವ ಗುರುಸ್ವಾಮಿಗಳ ನೇತೃತ್ವದಲ್ಲಿ ಅಯ್ಯಪ್ಪ ಸ್ವಾಮಿ ದೇವರ ಭವ್ಯ ಮೆರವಣಿಗೆ ಅದ್ದೂರಿಯಾಗಿ ನಡೆಯಿತು. ಪಟ್ಟಣದ ಪ್ರಮುಖ ಬೀದಿಗಳಲ್ಲಿ ನಡೆದ ಮೆರವಣಿಗೆಯಲ್ಲಿ ನೂರಾರು ಮಾಲಾಧಾರಿಗಳು ಹಾಗೂ ಭಕ್ತರು ಪಾಲ್ಗೊಂಡಿದ್ದರು. ವಿವಿಧ ಜಾನಪದ ಕಲಾತಂಡಗಳು ಮೆರವಣಿಗೆಗೆ ಮೆರುಗು ನೀಡಿದವು. ಬಳಿಕ ದೇವಾಲಯದಲ್ಲಿ ವಿಶೇಷ ಪೂಜೆ, ಭಜನೆ ಹಾಗೂ ಅನ್ನದಾಸೋಹ ಕಾರ್ಯಕ್ರಮ ನಡೆಯಿತು.
21ನೇ ಶತಮಾನದಲ್ಲಿ ಶಿಕ್ಷಣ ಮತ್ತು ಪೋಷಕರ ಜವಾಬ್ದಾರಿ ಕುರಿತು ವಿಚಾರ ಸಂಕಿರಣ
ಮೌಲ್ಯಯುತ ಶಿಕ್ಷಣದಿಂದ ವಂಚನೆ ಯುದ್ಧಕ್ಕೆ ಸಮಾನ
ತುಮಕೂರು: ಶಿಕ್ಷಣವು 21 ಶತಮಾನದಲ್ಲಿ ಅತ್ಯ ಗತ್ಯವಾದ ಅಸ್ತ್ರವಾಗಿದ್ದು, ಮಕ್ಕಳಿಗೆ ಮೌಲ್ಯಯುತ ಶಿಕ್ಷಣ ನೀಡದಿರುವುದು ಅವರನ್ನು ವಂಚಿಸಿದಂತೆ, ಅದು ಯುದ್ಧಕ್ಕೆ ಸಮಾನ ಎಂದು ಶಿಕ್ಷಣ ತಜ್ಞರು ಅಭಿಪ್ರಾಯಪಟ್ಟರು. ನಗರದ ಶಿಕ್ಷಣ ಸಂಸ್ಥೆಯಲ್ಲಿ ನಡೆದ ವಿಚಾರ ಸಂಕಿರಣದಲ್ಲಿ ಮಾತನಾಡಿದ ಅವರು, ಪೋಷಕರು ಮಕ್ಕಳ ಶಿಕ್ಷಣದ ಬಗ್ಗೆ ಹೆಚ್ಚಿನ ಜವಾಬ್ದಾರಿ ವಹಿಸಬೇಕು. ರಾಷ್ಟ್ರೀಯ ಶಿಕ್ಷಣ ನೀತಿ 2020 ಹೊಸ ಅವಕಾಶಗಳನ್ನು ತೆರೆದಿದೆ. ತಂತ್ರಜ್ಞಾನದ ಜೊತೆಗೆ ಮಾನವೀಯ ಮೌಲ್ಯಗಳನ್ನು ಮಕ್ಕಳಲ್ಲಿ ಬೆಳೆಸಬೇಕು. ಶಿಕ್ಷಕರು ಮತ್ತು ಪೋಷಕರು ಒಟ್ಟಾಗಿ ಕೆಲಸ ಮಾಡಿದರೆ ಮಾತ್ರ ಉತ್ತಮ ಸಮಾಜ ನಿರ್ಮಾಣ ಸಾಧ್ಯ ಎಂದರು. ಕಾರ್ಯಕ್ರಮದಲ್ಲಿ ವಿವಿಧ ಶಾಲೆಗಳ ಮುಖ್ಯಸ್ಥರು, ಶಿಕ್ಷಕರು ಹಾಗೂ ಪೋಷಕರು ಭಾಗವಹಿಸಿದ್ದರು. ಅಧ್ಯಕ್ಷತೆಯನ್ನು ಸಂಸ್ಥೆಯ ಕಾರ್ಯದರ್ಶಿ ವಹಿಸಿದ್ದರು. ಮಕ್ಕಳ ಮನಸ್ಸಿನ ಮೇಲೆ ಮೊಬೈಲ್ ಬಳಕೆಯ ದುಷ್ಪರಿಣಾಮಗಳ ಬಗ್ಗೆಯೂ ಚರ್ಚಿಸಲಾಯಿತು.
ತುಮಕೂರು: ಶಿಕ್ಷಣವು 21 ಶತಮಾನದಲ್ಲಿ ಅತ್ಯ ಗತ್ಯವಾದ ಅಸ್ತ್ರವಾಗಿದ್ದು, ಮಕ್ಕಳಿಗೆ ಮೌಲ್ಯಯುತ ಶಿಕ್ಷಣ ನೀಡದಿರುವುದು ಅವರನ್ನು ವಂಚಿಸಿದಂತೆ, ಅದು ಯುದ್ಧಕ್ಕೆ ಸಮಾನ ಎಂದು ಶಿಕ್ಷಣ ತಜ್ಞರು ಅಭಿಪ್ರಾಯಪಟ್ಟರು. ನಗರದ ಶಿಕ್ಷಣ ಸಂಸ್ಥೆಯಲ್ಲಿ ನಡೆದ ವಿಚಾರ ಸಂಕಿರಣದಲ್ಲಿ ಮಾತನಾಡಿದ ಅವರು, ಪೋಷಕರು ಮಕ್ಕಳ ಶಿಕ್ಷಣದ ಬಗ್ಗೆ ಹೆಚ್ಚಿನ ಜವಾಬ್ದಾರಿ ವಹಿಸಬೇಕು. ರಾಷ್ಟ್ರೀಯ ಶಿಕ್ಷಣ ನೀತಿ 2020 ಹೊಸ ಅವಕಾಶಗಳನ್ನು ತೆರೆದಿದೆ. ತಂತ್ರಜ್ಞಾನದ ಜೊತೆಗೆ ಮಾನವೀಯ ಮೌಲ್ಯಗಳನ್ನು ಮಕ್ಕಳಲ್ಲಿ ಬೆಳೆಸಬೇಕು. ಶಿಕ್ಷಕರು ಮತ್ತು ಪೋಷಕರು ಒಟ್ಟಾಗಿ ಕೆಲಸ ಮಾಡಿದರೆ ಮಾತ್ರ ಉತ್ತಮ ಸಮಾಜ ನಿರ್ಮಾಣ ಸಾಧ್ಯ ಎಂದರು. ಕಾರ್ಯಕ್ರಮದಲ್ಲಿ ವಿವಿಧ ಶಾಲೆಗಳ ಮುಖ್ಯಸ್ಥರು, ಶಿಕ್ಷಕರು ಹಾಗೂ ಪೋಷಕರು ಭಾಗವಹಿಸಿದ್ದರು. ಅಧ್ಯಕ್ಷತೆಯನ್ನು ಸಂಸ್ಥೆಯ ಕಾರ್ಯದರ್ಶಿ ವಹಿಸಿದ್ದರು. ಮಕ್ಕಳ ಮನಸ್ಸಿನ ಮೇಲೆ ಮೊಬೈಲ್ ಬಳಕೆಯ ದುಷ್ಪರಿಣಾಮಗಳ ಬಗ್ಗೆಯೂ ಚರ್ಚಿಸಲಾಯಿತು.
ತುಮಕೂರು: ಶಿಕ್ಷಣವು 21 ಶತಮಾನದಲ್ಲಿ ಅತ್ಯ ಗತ್ಯವಾದ ಅಸ್ತ್ರವಾಗಿದ್ದು, ಮಕ್ಕಳಿಗೆ ಮೌಲ್ಯಯುತ ಶಿಕ್ಷಣ ನೀಡದಿರುವುದು ಅವರನ್ನು ವಂಚಿಸಿದಂತೆ, ಅದು ಯುದ್ಧಕ್ಕೆ ಸಮಾನ ಎಂದು ಶಿಕ್ಷಣ ತಜ್ಞರು ಅಭಿಪ್ರಾಯಪಟ್ಟರು. ನಗರದ ಶಿಕ್ಷಣ ಸಂಸ್ಥೆಯಲ್ಲಿ ನಡೆದ ವಿಚಾರ ಸಂಕಿರಣದಲ್ಲಿ ಮಾತನಾಡಿದ ಅವರು, ಪೋಷಕರು ಮಕ್ಕಳ ಶಿಕ್ಷಣದ ಬಗ್ಗೆ ಹೆಚ್ಚಿನ ಜವಾಬ್ದಾರಿ ವಹಿಸಬೇಕು. ರಾಷ್ಟ್ರೀಯ ಶಿಕ್ಷಣ ನೀತಿ 2020 ಹೊಸ ಅವಕಾಶಗಳನ್ನು ತೆರೆದಿದೆ. ತಂತ್ರಜ್ಞಾನದ ಜೊತೆಗೆ ಮಾನವೀಯ ಮೌಲ್ಯಗಳನ್ನು ಮಕ್ಕಳಲ್ಲಿ ಬೆಳೆಸಬೇಕು. ಶಿಕ್ಷಕರು ಮತ್ತು ಪೋಷಕರು ಒಟ್ಟಾಗಿ ಕೆಲಸ ಮಾಡಿದರೆ ಮಾತ್ರ ಉತ್ತಮ ಸಮಾಜ ನಿರ್ಮಾಣ ಸಾಧ್ಯ ಎಂದರು. ಕಾರ್ಯಕ್ರಮದಲ್ಲಿ ವಿವಿಧ ಶಾಲೆಗಳ ಮುಖ್ಯಸ್ಥರು, ಶಿಕ್ಷಕರು ಹಾಗೂ ಪೋಷಕರು ಭಾಗವಹಿಸಿದ್ದರು. ಅಧ್ಯಕ್ಷತೆಯನ್ನು ಸಂಸ್ಥೆಯ ಕಾರ್ಯದರ್ಶಿ ವಹಿಸಿದ್ದರು. ಮಕ್ಕಳ ಮನಸ್ಸಿನ ಮೇಲೆ ಮೊಬೈಲ್ ಬಳಕೆಯ ದುಷ್ಪರಿಣಾಮಗಳ ಬಗ್ಗೆಯೂ ಚರ್ಚಿಸಲಾಯಿತು.
ತುಮಕೂರು: ಶಿಕ್ಷಣವು 21 ಶತಮಾನದಲ್ಲಿ ಅತ್ಯ ಗತ್ಯವಾದ ಅಸ್ತ್ರವಾಗಿದ್ದು, ಮಕ್ಕಳಿಗೆ ಮೌಲ್ಯಯುತ ಶಿಕ್ಷಣ ನೀಡದಿರುವುದು ಅವರನ್ನು ವಂಚಿಸಿದಂತೆ, ಅದು ಯುದ್ಧಕ್ಕೆ ಸಮಾನ ಎಂದು ಶಿಕ್ಷಣ ತಜ್ಞರು ಅಭಿಪ್ರಾಯಪಟ್ಟರು. ನಗರದ ಶಿಕ್ಷಣ ಸಂಸ್ಥೆಯಲ್ಲಿ ನಡೆದ ವಿಚಾರ ಸಂಕಿರಣದಲ್ಲಿ ಮಾತನಾಡಿದ ಅವರು, ಪೋಷಕರು ಮಕ್ಕಳ ಶಿಕ್ಷಣದ ಬಗ್ಗೆ ಹೆಚ್ಚಿನ ಜವಾಬ್ದಾರಿ ವಹಿಸಬೇಕು. ರಾಷ್ಟ್ರೀಯ ಶಿಕ್ಷಣ ನೀತಿ 2020 ಹೊಸ ಅವಕಾಶಗಳನ್ನು ತೆರೆದಿದೆ. ತಂತ್ರಜ್ಞಾನದ ಜೊತೆಗೆ ಮಾನವೀಯ ಮೌಲ್ಯಗಳನ್ನು ಮಕ್ಕಳಲ್ಲಿ ಬೆಳೆಸಬೇಕು. ಶಿಕ್ಷಕರು ಮತ್ತು ಪೋಷಕರು ಒಟ್ಟಾಗಿ ಕೆಲಸ ಮಾಡಿದರೆ ಮಾತ್ರ ಉತ್ತಮ ಸಮಾಜ ನಿರ್ಮಾಣ ಸಾಧ್ಯ ಎಂದರು. ಕಾರ್ಯಕ್ರಮದಲ್ಲಿ ವಿವಿಧ ಶಾಲೆಗಳ ಮುಖ್ಯಸ್ಥರು, ಶಿಕ್ಷಕರು ಹಾಗೂ ಪೋಷಕರು ಭಾಗವಹಿಸಿದ್ದರು. ಅಧ್ಯಕ್ಷತೆಯನ್ನು ಸಂಸ್ಥೆಯ ಕಾರ್ಯದರ್ಶಿ ವಹಿಸಿದ್ದರು. ಮಕ್ಕಳ ಮನಸ್ಸಿನ ಮೇಲೆ ಮೊಬೈಲ್ ಬಳಕೆಯ ದುಷ್ಪರಿಣಾಮಗಳ ಬಗ್ಗೆಯೂ ಚರ್ಚಿಸಲಾಯಿತು.
ತುಮಕೂರು: ಶಿಕ್ಷಣವು 21 ಶತಮಾನದಲ್ಲಿ ಅತ್ಯ ಗತ್ಯವಾದ ಅಸ್ತ್ರವಾಗಿದ್ದು, ಮಕ್ಕಳಿಗೆ ಮೌಲ್ಯಯುತ ಶಿಕ್ಷಣ ನೀಡದಿರುವುದು ಅವರನ್ನು ವಂಚಿಸಿದಂತೆ, ಅದು ಯುದ್ಧಕ್ಕೆ ಸಮಾನ ಎಂದು ಶಿಕ್ಷಣ ತಜ್ಞರು ಅಭಿಪ್ರಾಯಪಟ್ಟರು. ನಗರದ ಶಿಕ್ಷಣ ಸಂಸ್ಥೆಯಲ್ಲಿ ನಡೆದ ವಿಚಾರ ಸಂಕಿರಣದಲ್ಲಿ ಮಾತನಾಡಿದ ಅವರು, ಪೋಷಕರು ಮಕ್ಕಳ ಶಿಕ್ಷಣದ ಬಗ್ಗೆ ಹೆಚ್ಚಿನ ಜವಾಬ್ದಾರಿ ವಹಿಸಬೇಕು. ರಾಷ್ಟ್ರೀಯ ಶಿಕ್ಷಣ ನೀತಿ 2020 ಹೊಸ ಅವಕಾಶಗಳನ್ನು ತೆರೆದಿದೆ. ತಂತ್ರಜ್ಞಾನದ ಜೊತೆಗೆ ಮಾನವೀಯ ಮೌಲ್ಯಗಳನ್ನು ಮಕ್ಕಳಲ್ಲಿ ಬೆಳೆಸಬೇಕು. ಶಿಕ್ಷಕರು ಮತ್ತು ಪೋಷಕರು ಒಟ್ಟಾಗಿ ಕೆಲಸ ಮಾಡಿದರೆ ಮಾತ್ರ ಉತ್ತಮ ಸಮಾಜ ನಿರ್ಮಾಣ ಸಾಧ್ಯ ಎಂದರು. ಕಾರ್ಯಕ್ರಮದಲ್ಲಿ ವಿವಿಧ ಶಾಲೆಗಳ ಮುಖ್ಯಸ್ಥರು, ಶಿಕ್ಷಕರು ಹಾಗೂ ಪೋಷಕರು ಭಾಗವಹಿಸಿದ್ದರು. ಅಧ್ಯಕ್ಷತೆಯನ್ನು ಸಂಸ್ಥೆಯ ಕಾರ್ಯದರ್ಶಿ ವಹಿಸಿದ್ದರು. ಮಕ್ಕಳ ಮನಸ್ಸಿನ ಮೇಲೆ ಮೊಬೈಲ್ ಬಳಕೆಯ ದುಷ್ಪರಿಣಾಮಗಳ ಬಗ್ಗೆಯೂ ಚರ್ಚಿಸಲಾಯಿತು.
ಹಿರಿಯ ಪತ್ರಕರ್ತ
ಧ್ರುವಕುಮಾರ್ ನಿಧನ
ತುಮಕೂರು: ಅನಾರೋಗ್ಯದಿಂದ ಬಳಲುತ್ತಿದ್ದ ಹಿರಿಯ ಪತ್ರಕರ್ತ ಟಿ.ಸಿ. ಧ್ರುವಕುಮಾರ್ (49) ಅವರು ಸೋಮವಾರ ಬೆಳಗ್ಗೆ 6.30ರ ಸುಮಾರಿಗೆ ನಿಧನರಾದರು. ಮೃತರು ಪತ್ನಿ, ಪುತ್ರಿ ಹಾಗೂ ಅಪಾರ ಬಂಧು ಬಳಗವನ್ನು ಅಗಲಿದ್ದಾರೆ. ಹಲವು ಪತ್ರಿಕೆಗಳಲ್ಲಿ ಸೇವೆ ಸಲ್ಲಿಸಿದ್ದ ಅವರು ಜಿಲ್ಲೆಯ ಪತ್ರಿಕಾ ವಲಯದಲ್ಲಿ ಚಿರಪರಿಚಿತರಾಗಿದ್ದರು. ಅವರ ನಿಧನಕ್ಕೆ ಜಿಲ್ಲಾ ಪತ್ರಕರ್ತರ ಸಂಘ ಸಂತಾಪ ವ್ಯಕ್ತಪಡಿಸಿದೆ.
Printed and Published by : sogadu venkatesh, Owned by : sogadu venkatesh, Editior : SOGADU VENKATESH, Printed at : SHREYAS PRINTERS, vasanthanarasapura Industrial Area, Kora Hobli, Tumkur Taluk, Tumkur, Published at police
Narayana Rao Building, Puttanjanaya swamy Temple Road, Opp Ganapathi Stores, Vidya nagar, tumkur-572103, Tell Phone : 0816-2280202, Mo.No : 9986593961, Mail : vishalaprabhatmk@gmail.com
